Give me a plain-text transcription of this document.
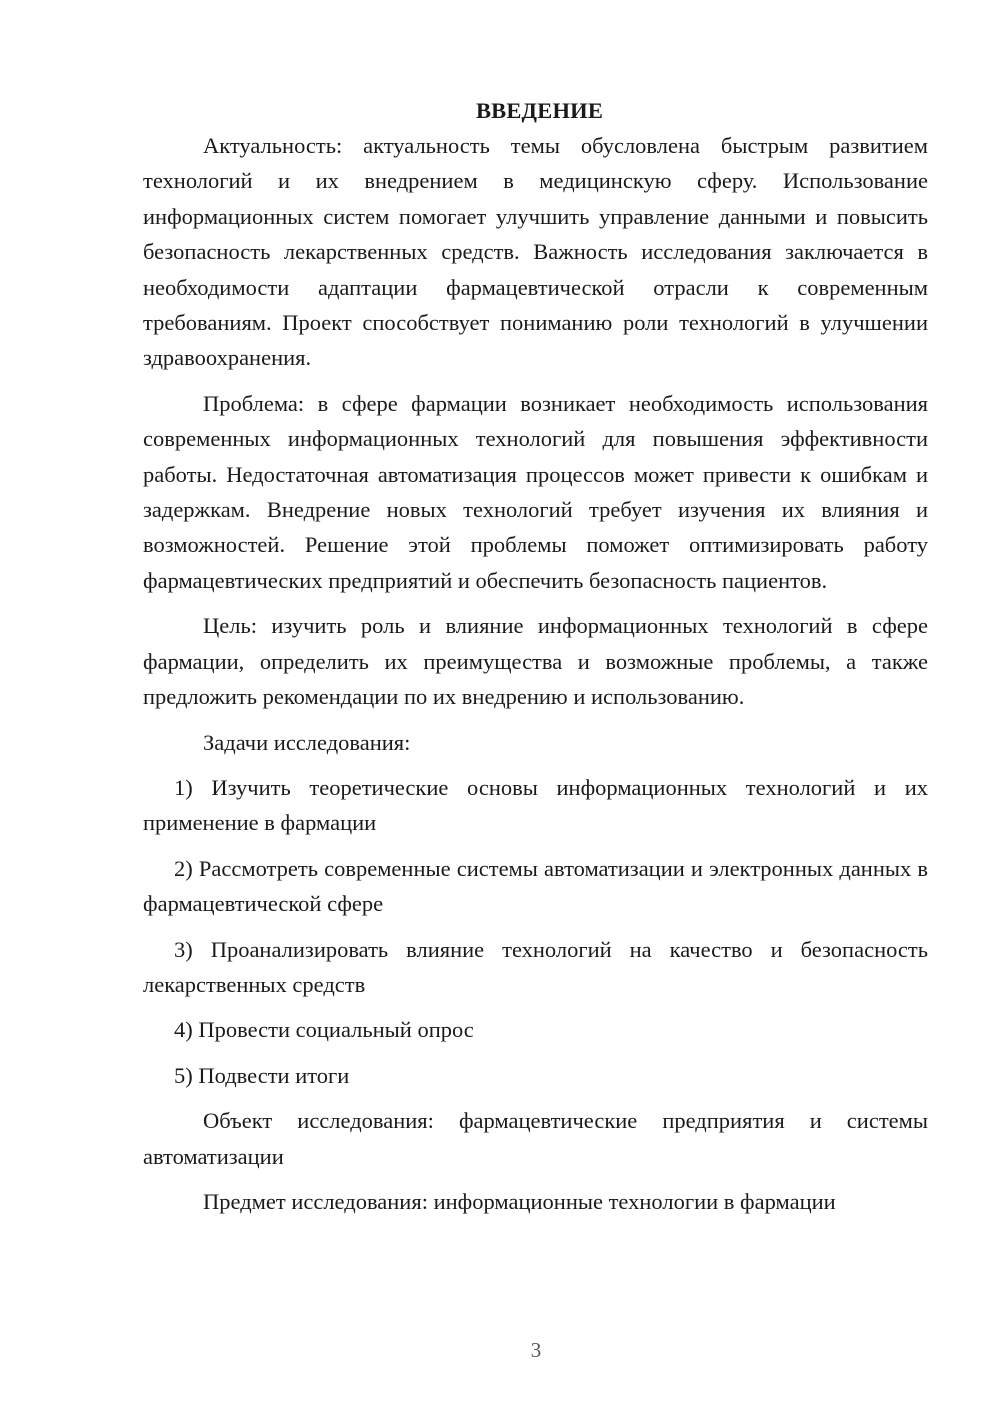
ВВЕДЕНИЕ

Актуальность: актуальность темы обусловлена быстрым развитием технологий и их внедрением в медицинскую сферу. Использование информационных систем помогает улучшить управление данными и повысить безопасность лекарственных средств. Важность исследования заключается в необходимости адаптации фармацевтической отрасли к современным требованиям. Проект способствует пониманию роли технологий в улучшении здравоохранения.

Проблема: в сфере фармации возникает необходимость использования современных информационных технологий для повышения эффективности работы. Недостаточная автоматизация процессов может привести к ошибкам и задержкам. Внедрение новых технологий требует изучения их влияния и возможностей. Решение этой проблемы поможет оптимизировать работу фармацевтических предприятий и обеспечить безопасность пациентов.

Цель: изучить роль и влияние информационных технологий в сфере фармации, определить их преимущества и возможные проблемы, а также предложить рекомендации по их внедрению и использованию.

Задачи исследования:

1) Изучить теоретические основы информационных технологий и их применение в фармации

2) Рассмотреть современные системы автоматизации и электронных данных в фармацевтической сфере

3) Проанализировать влияние технологий на качество и безопасность лекарственных средств

4) Провести социальный опрос

5) Подвести итоги

Объект исследования: фармацевтические предприятия и системы автоматизации

Предмет исследования: информационные технологии в фармации

3
